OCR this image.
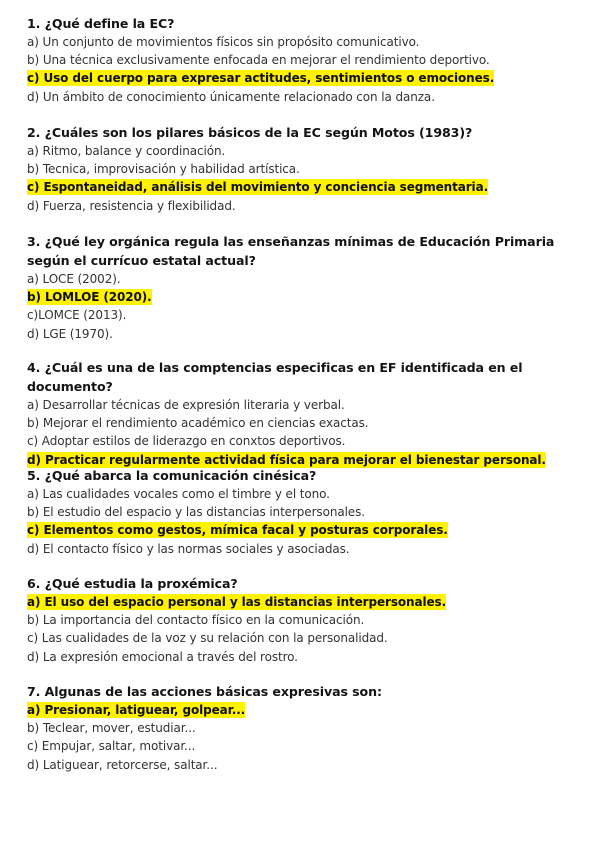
1. ¿Qué define la EC?
a) Un conjunto de movimientos físicos sin propósito comunicativo.
b) Una técnica exclusivamente enfocada en mejorar el rendimiento deportivo.
c) Uso del cuerpo para expresar actitudes, sentimientos o emociones.
d) Un ámbito de conocimiento únicamente relacionado con la danza.
2. ¿Cuáles son los pilares básicos de la EC según Motos (1983)?
a) Ritmo, balance y coordinación.
b) Tecnica, improvisación y habilidad artística.
c) Espontaneidad, análisis del movimiento y conciencia segmentaria.
d) Fuerza, resistencia y flexibilidad.
3. ¿Qué ley orgánica regula las enseñanzas mínimas de Educación Primaria según el currícuo estatal actual?
a) LOCE (2002).
b) LOMLOE (2020).
c)LOMCE (2013).
d) LGE (1970).
4. ¿Cuál es una de las comptencias especificas en EF identificada en el documento?
a) Desarrollar técnicas de expresión literaria y verbal.
b) Mejorar el rendimiento académico en ciencias exactas.
c) Adoptar estilos de liderazgo en conxtos deportivos.
d) Practicar regularmente actividad física para mejorar el bienestar personal.
5. ¿Qué abarca la comunicación cinésica?
a) Las cualidades vocales como el timbre y el tono.
b) El estudio del espacio y las distancias interpersonales.
c) Elementos como gestos, mímica facal y posturas corporales.
d) El contacto físico y las normas sociales y asociadas.
6. ¿Qué estudia la proxémica?
a) El uso del espacio personal y las distancias interpersonales.
b) La importancia del contacto físico en la comunicación.
c) Las cualidades de la voz y su relación con la personalidad.
d) La expresión emocional a través del rostro.
7. Algunas de las acciones básicas expresivas son:
a) Presionar, latiguear, golpear...
b) Teclear, mover, estudiar...
c) Empujar, saltar, motivar...
d) Latiguear, retorcerse, saltar...
